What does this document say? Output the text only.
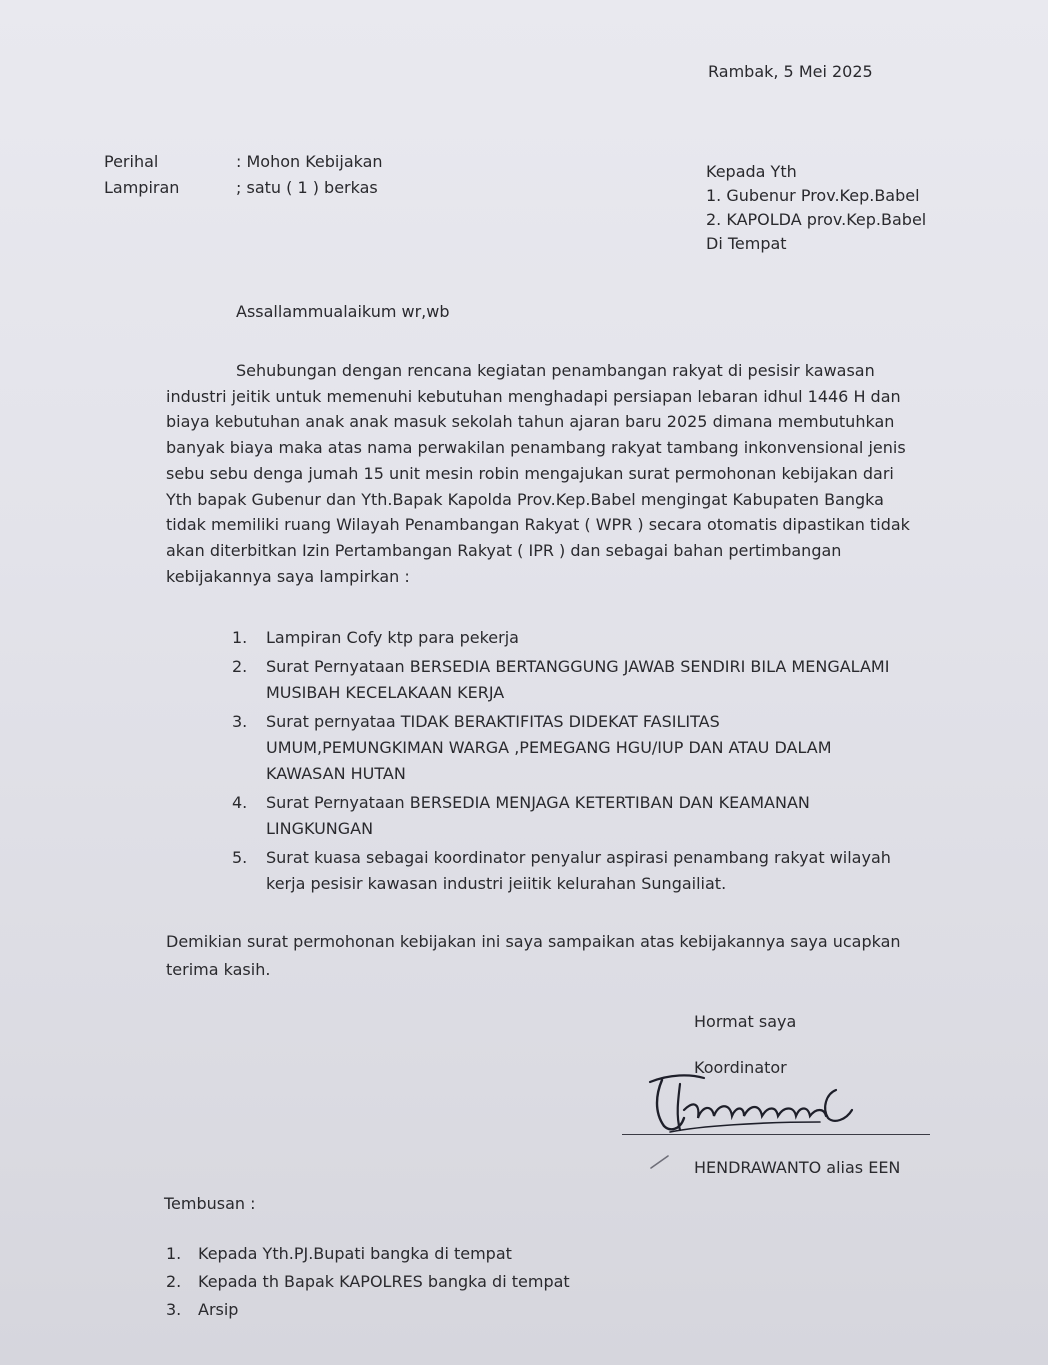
Rambak, 5 Mei 2025
Perihal	: Mohon Kebijakan
Lampiran	; satu ( 1 ) berkas
Kepada Yth
1. Gubenur Prov.Kep.Babel
2. KAPOLDA prov.Kep.Babel
Di Tempat
Assallammualaikum wr,wb
Sehubungan dengan rencana kegiatan penambangan rakyat di pesisir kawasan
industri jeitik untuk memenuhi kebutuhan menghadapi persiapan lebaran idhul 1446 H dan
biaya kebutuhan anak anak masuk sekolah tahun ajaran baru 2025 dimana membutuhkan
banyak biaya maka atas nama perwakilan penambang rakyat tambang inkonvensional jenis
sebu sebu denga jumah 15 unit mesin robin mengajukan surat permohonan kebijakan dari
Yth bapak Gubenur dan Yth.Bapak Kapolda Prov.Kep.Babel mengingat Kabupaten Bangka
tidak memiliki ruang Wilayah Penambangan Rakyat ( WPR ) secara otomatis dipastikan tidak
akan diterbitkan Izin Pertambangan Rakyat ( IPR ) dan sebagai bahan pertimbangan
kebijakannya saya lampirkan :
1.	Lampiran Cofy ktp para pekerja
2.	Surat Pernyataan BERSEDIA BERTANGGUNG JAWAB SENDIRI BILA MENGALAMI
MUSIBAH KECELAKAAN KERJA
3.	Surat pernyataa TIDAK BERAKTIFITAS DIDEKAT FASILITAS
UMUM,PEMUNGKIMAN WARGA ,PEMEGANG HGU/IUP DAN ATAU DALAM
KAWASAN HUTAN
4.	Surat Pernyataan BERSEDIA MENJAGA KETERTIBAN DAN KEAMANAN
LINGKUNGAN
5.	Surat kuasa sebagai koordinator penyalur aspirasi penambang rakyat wilayah
kerja pesisir kawasan industri jeiitik kelurahan Sungailiat.
Demikian surat permohonan kebijakan ini saya sampaikan atas kebijakannya saya ucapkan
terima kasih.
Hormat saya
Koordinator
HENDRAWANTO alias EEN
Tembusan :
1.	Kepada Yth.PJ.Bupati bangka di tempat
2.	Kepada th Bapak KAPOLRES bangka di tempat
3.	Arsip
